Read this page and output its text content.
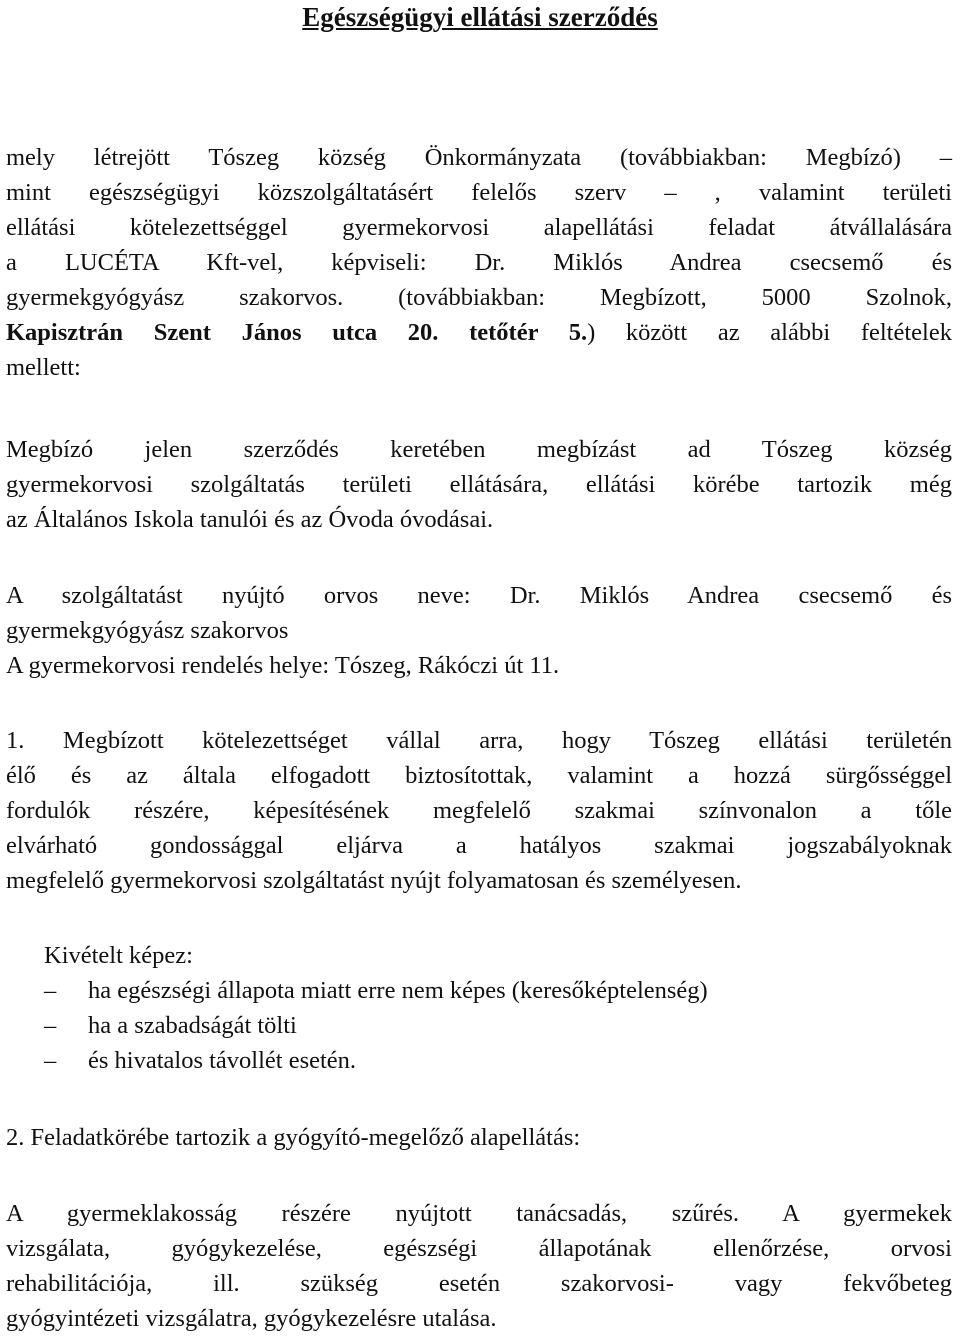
Egészségügyi ellátási szerződés

mely létrejött Tószeg község Önkormányzata (továbbiakban: Megbízó) –
mint egészségügyi közszolgáltatásért felelős szerv – , valamint területi
ellátási kötelezettséggel gyermekorvosi alapellátási feladat átvállalására
a LUCÉTA Kft-vel, képviseli: Dr. Miklós Andrea csecsemő és
gyermekgyógyász szakorvos. (továbbiakban: Megbízott, 5000 Szolnok,
Kapisztrán Szent János utca 20. tetőtér 5.) között az alábbi feltételek
mellett:

Megbízó jelen szerződés keretében megbízást ad Tószeg község
gyermekorvosi szolgáltatás területi ellátására, ellátási körébe tartozik még
az Általános Iskola tanulói és az Óvoda óvodásai.

A szolgáltatást nyújtó orvos neve: Dr. Miklós Andrea csecsemő és
gyermekgyógyász szakorvos
A gyermekorvosi rendelés helye: Tószeg, Rákóczi út 11.

1. Megbízott kötelezettséget vállal arra, hogy Tószeg ellátási területén
élő és az általa elfogadott biztosítottak, valamint a hozzá sürgősséggel
fordulók részére, képesítésének megfelelő szakmai színvonalon a tőle
elvárható gondossággal eljárva a hatályos szakmai jogszabályoknak
megfelelő gyermekorvosi szolgáltatást nyújt folyamatosan és személyesen.

Kivételt képez:

– ha egészségi állapota miatt erre nem képes (keresőképtelenség)
– ha a szabadságát tölti
– és hivatalos távollét esetén.

2. Feladatkörébe tartozik a gyógyító-megelőző alapellátás:

A gyermeklakosság részére nyújtott tanácsadás, szűrés. A gyermekek
vizsgálata, gyógykezelése, egészségi állapotának ellenőrzése, orvosi
rehabilitációja, ill. szükség esetén szakorvosi- vagy fekvőbeteg
gyógyintézeti vizsgálatra, gyógykezelésre utalása.
